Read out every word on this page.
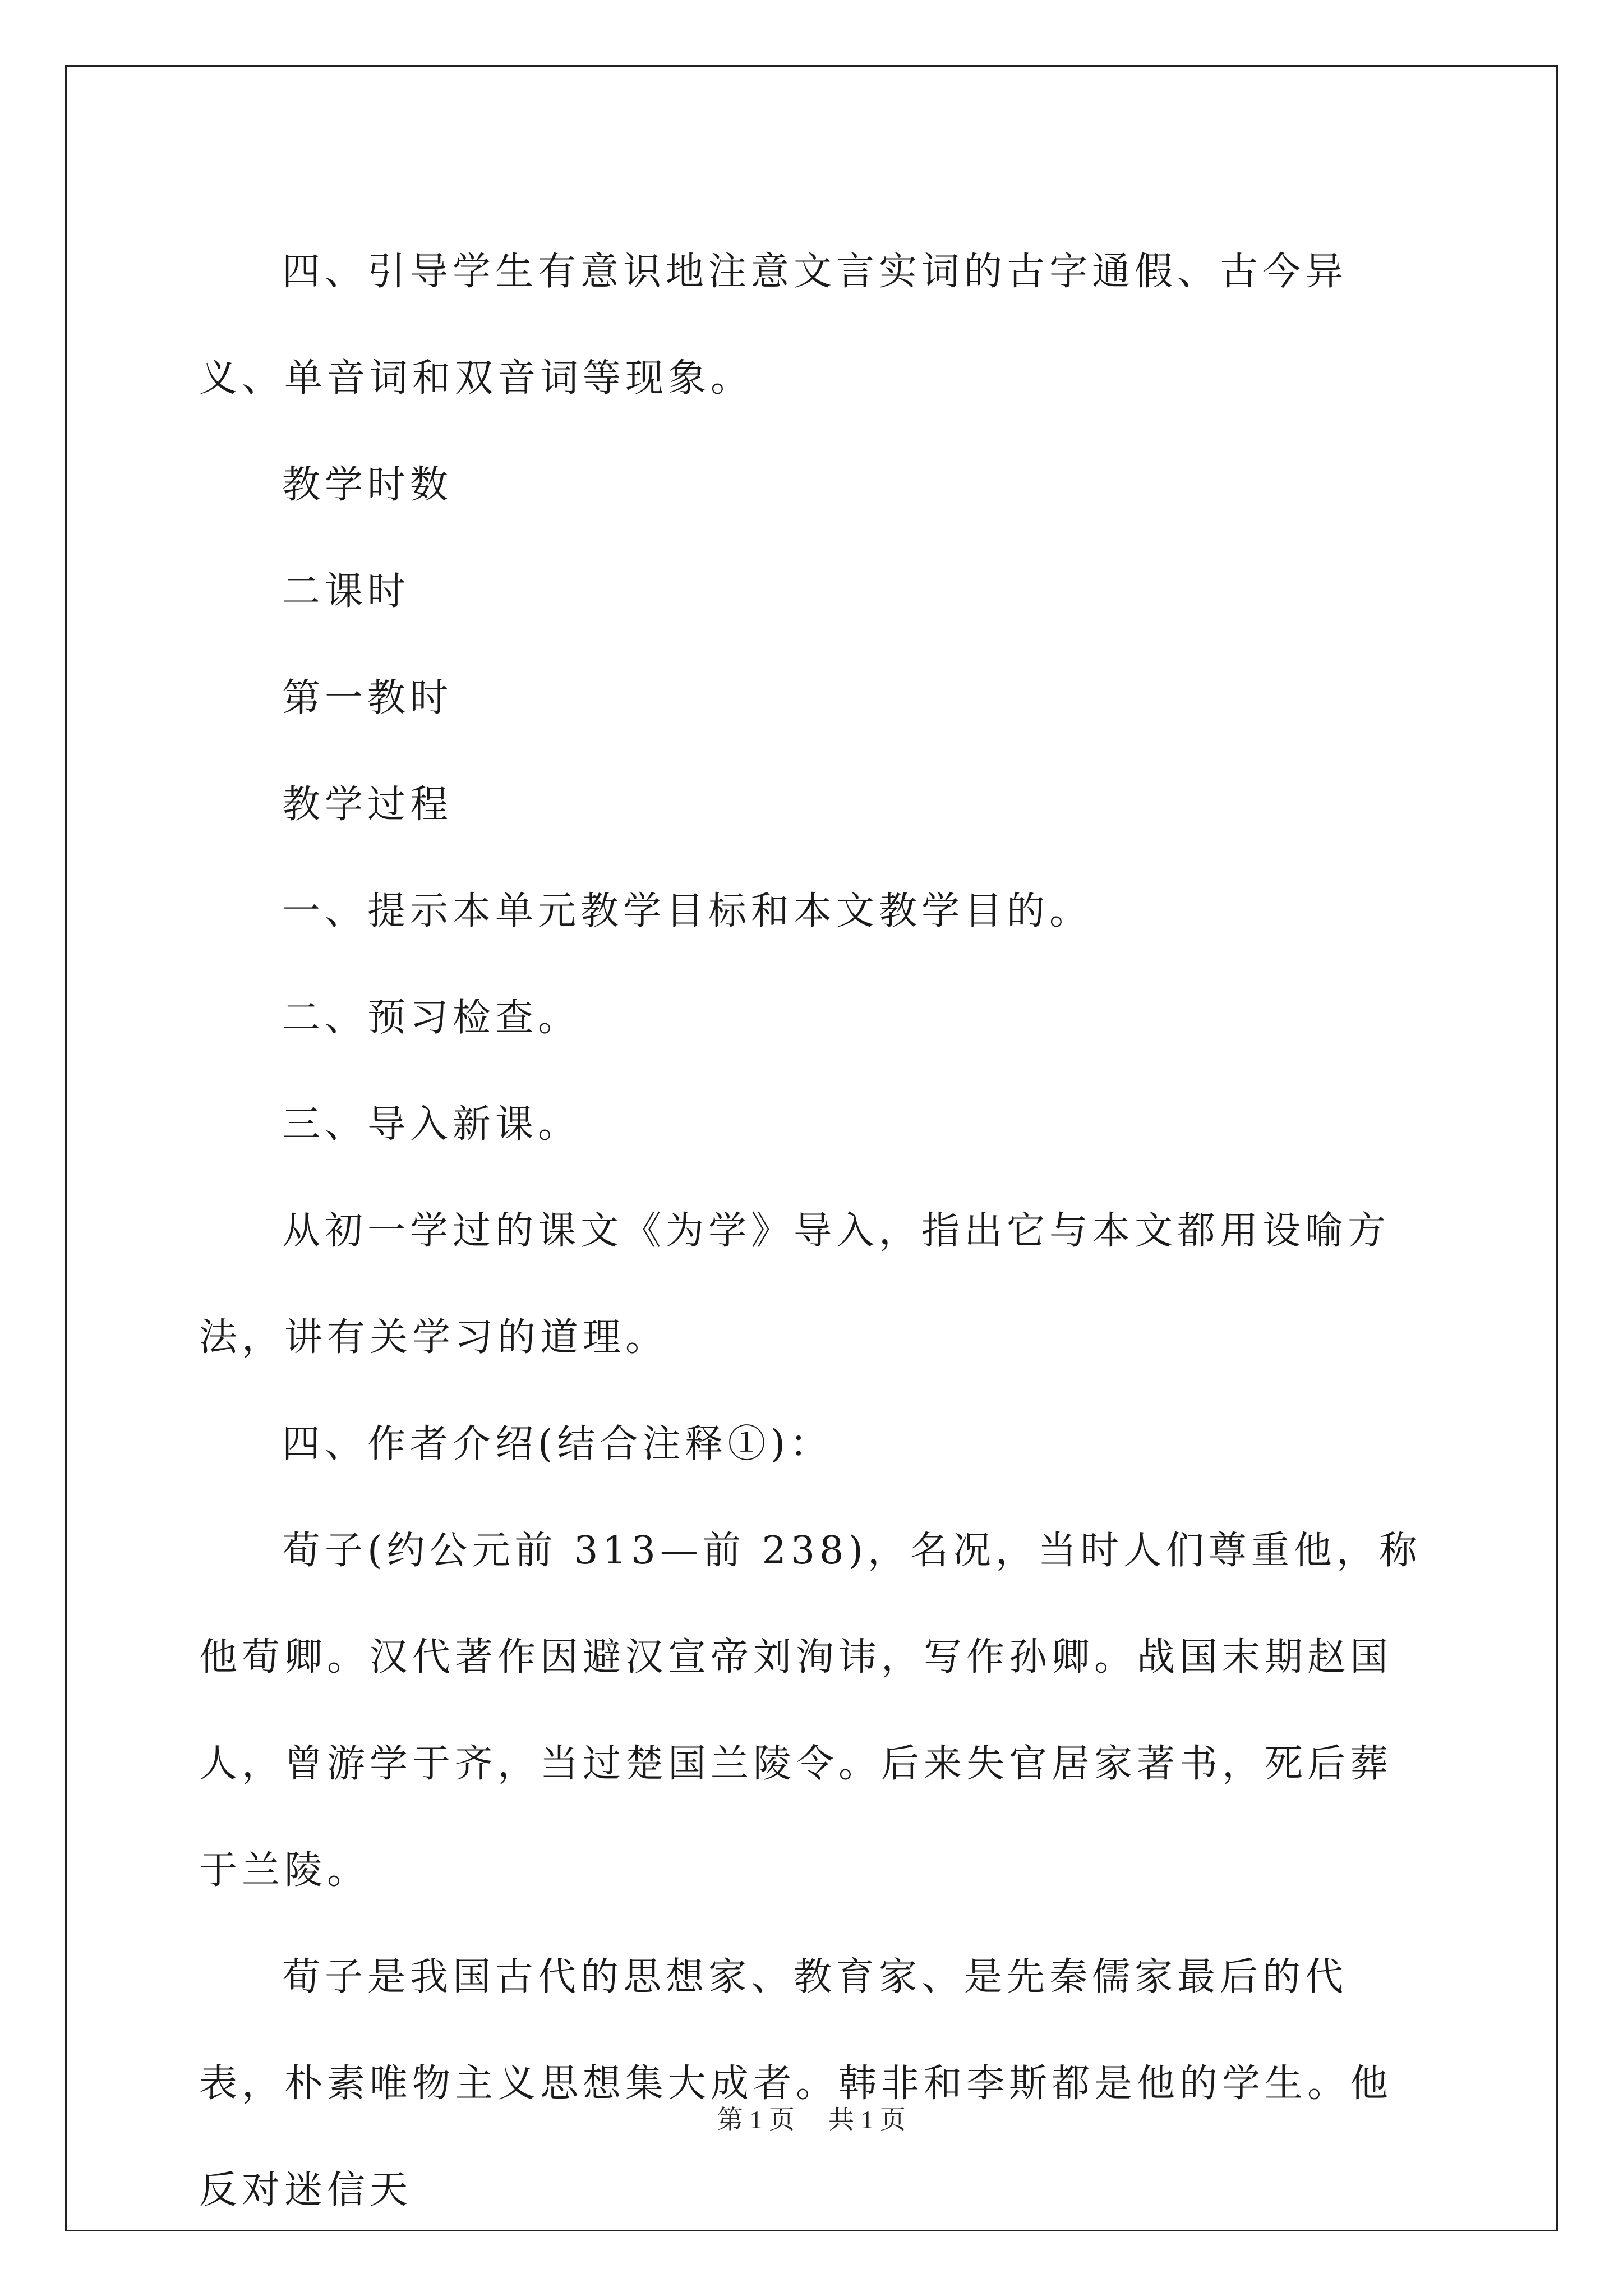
四、引导学生有意识地注意文言实词的古字通假、古今异义、单音词和双音词等现象。

教学时数

二课时

第一教时

教学过程

一、提示本单元教学目标和本文教学目的。

二、预习检查。

三、导入新课。

从初一学过的课文《为学》导入，指出它与本文都用设喻方法，讲有关学习的道理。

四、作者介绍(结合注释①)：

荀子(约公元前 313—前 238)，名况，当时人们尊重他，称他荀卿。汉代著作因避汉宣帝刘洵讳，写作孙卿。战国末期赵国人，曾游学于齐，当过楚国兰陵令。后来失官居家著书，死后葬于兰陵。

荀子是我国古代的思想家、教育家、是先秦儒家最后的代表，朴素唯物主义思想集大成者。韩非和李斯都是他的学生。他反对迷信天

第 1 页 共 1 页
